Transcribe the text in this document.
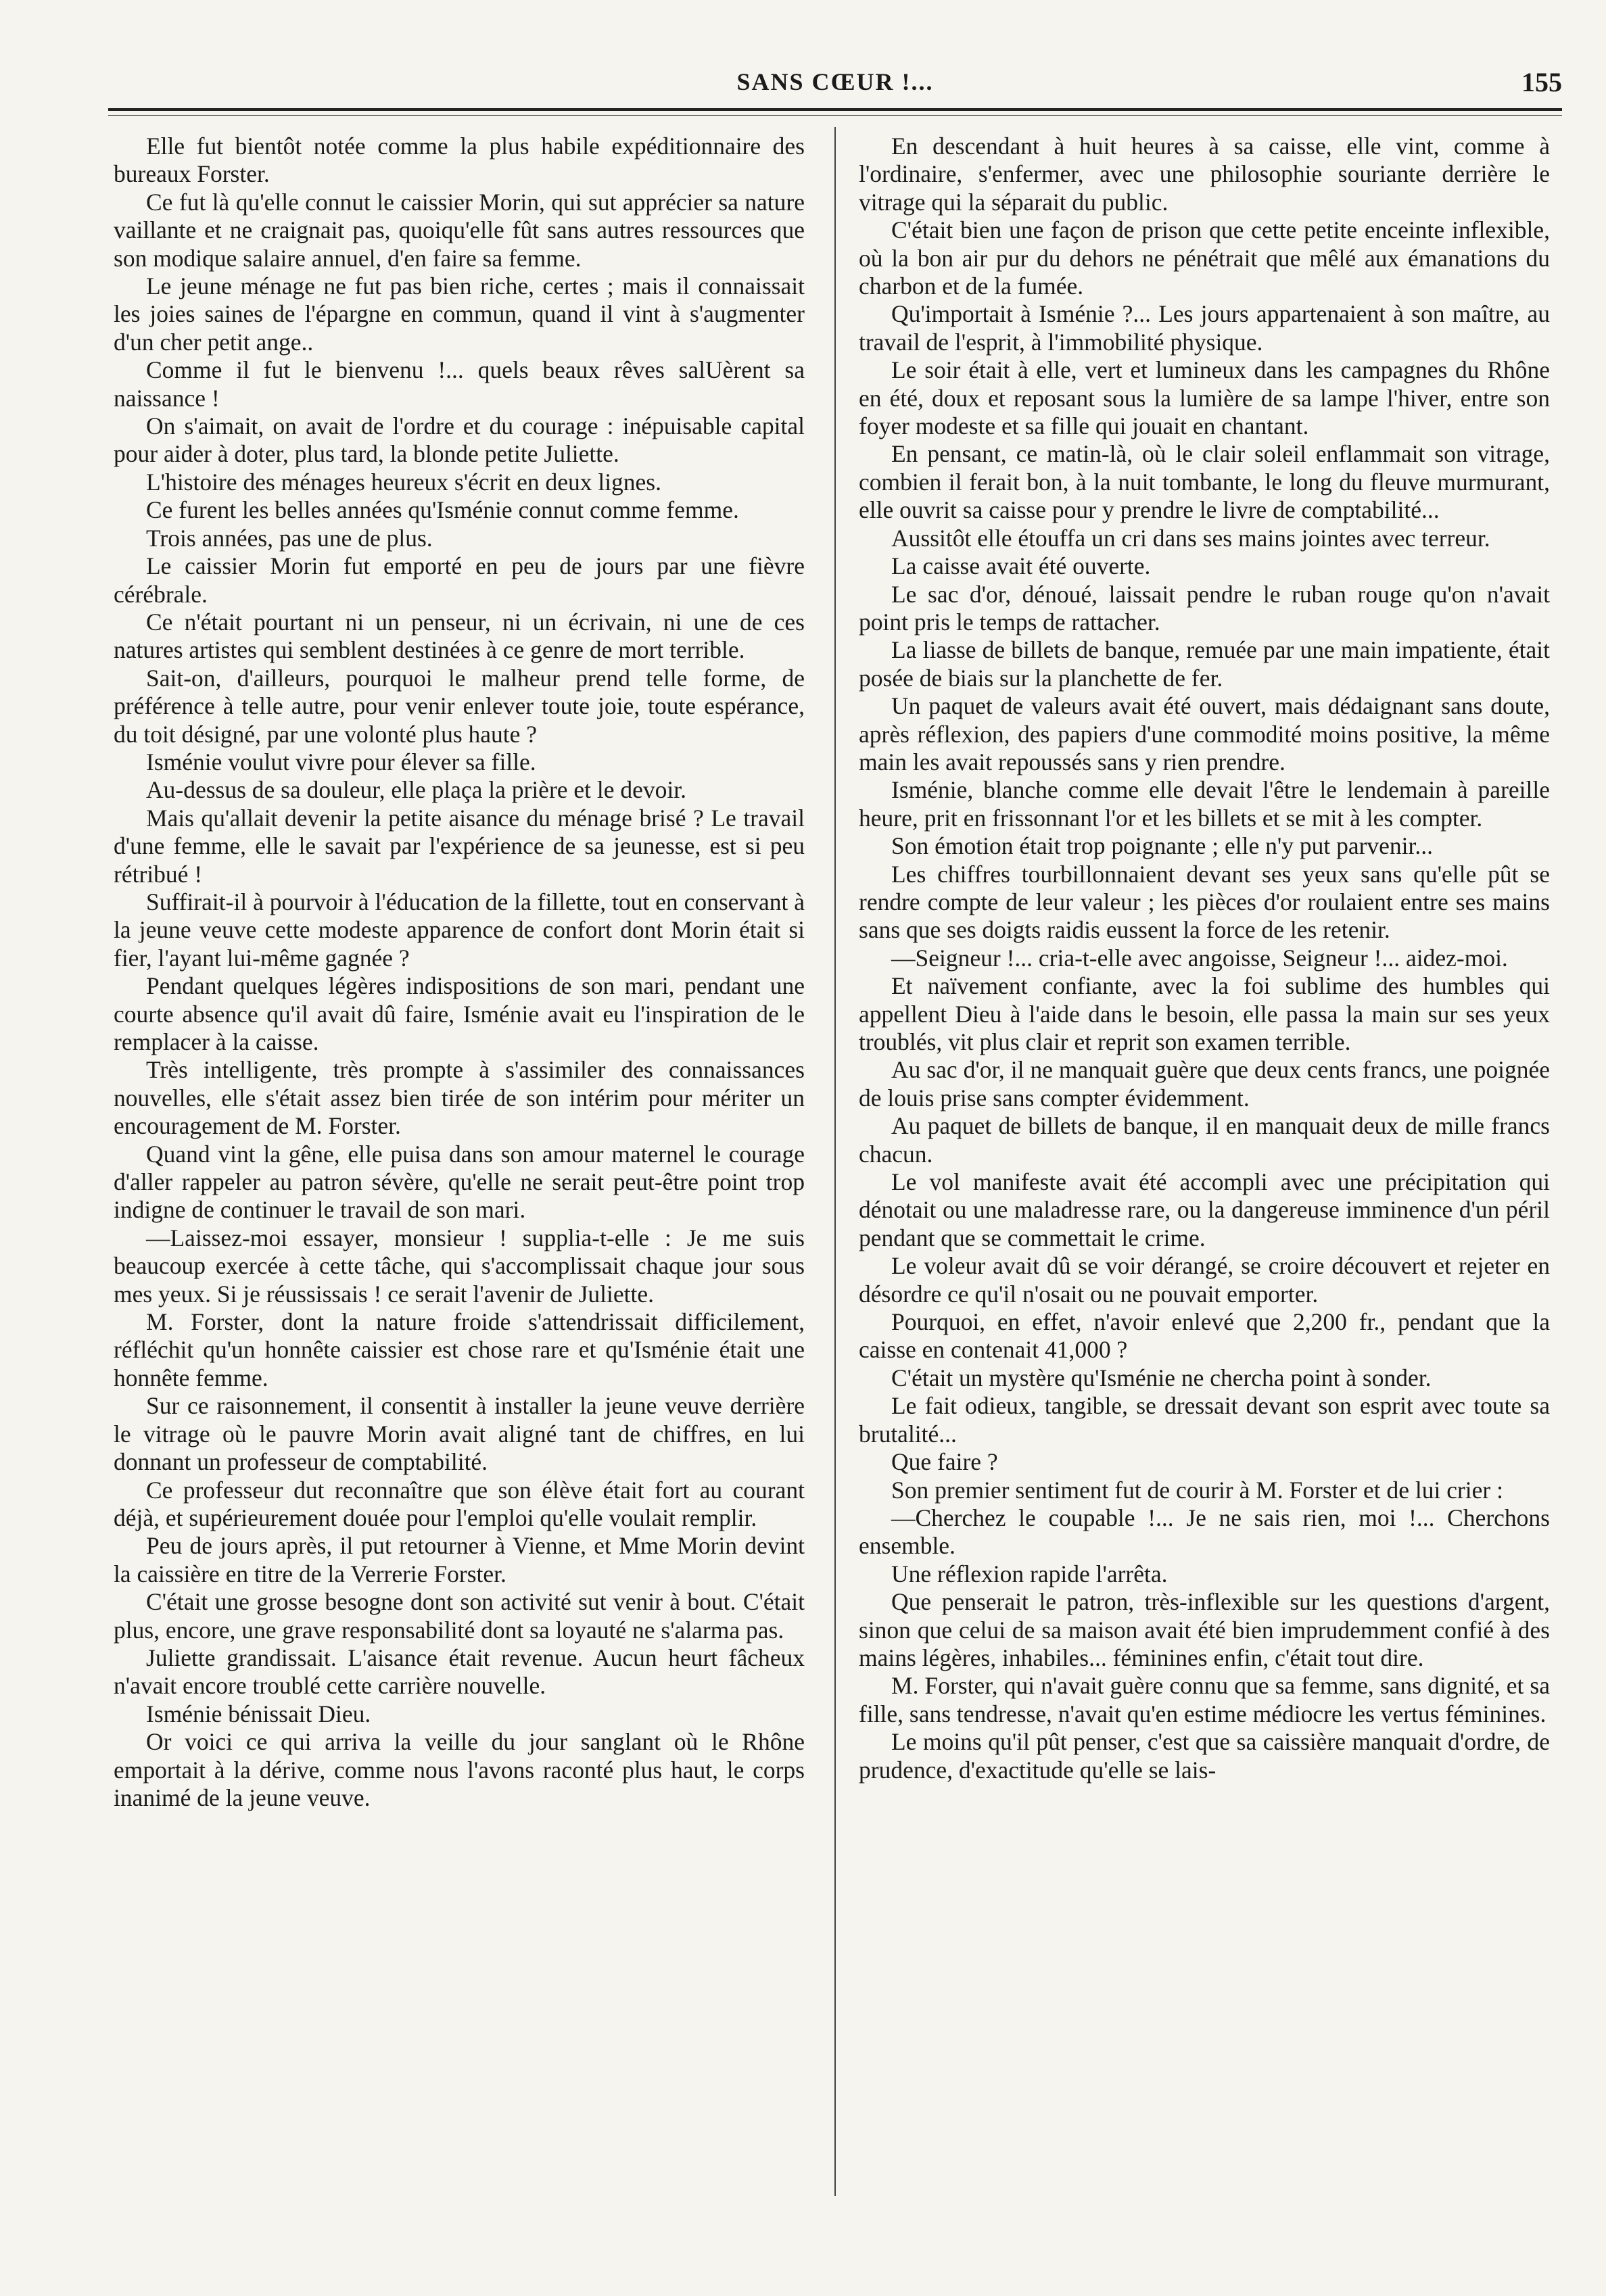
SANS CŒUR !...	155

Elle fut bientôt notée comme la plus habile expéditionnaire des bureaux Forster.

Ce fut là qu'elle connut le caissier Morin, qui sut apprécier sa nature vaillante et ne craignait pas, quoiqu'elle fût sans autres ressources que son modique salaire annuel, d'en faire sa femme.

Le jeune ménage ne fut pas bien riche, certes ; mais il connaissait les joies saines de l'épargne en commun, quand il vint à s'augmenter d'un cher petit ange..

Comme il fut le bienvenu !... quels beaux rêves salUèrent sa naissance !

On s'aimait, on avait de l'ordre et du courage : inépuisable capital pour aider à doter, plus tard, la blonde petite Juliette.

L'histoire des ménages heureux s'écrit en deux lignes.

Ce furent les belles années qu'Isménie connut comme femme.

Trois années, pas une de plus.

Le caissier Morin fut emporté en peu de jours par une fièvre cérébrale.

Ce n'était pourtant ni un penseur, ni un écrivain, ni une de ces natures artistes qui semblent destinées à ce genre de mort terrible.

Sait-on, d'ailleurs, pourquoi le malheur prend telle forme, de préférence à telle autre, pour venir enlever toute joie, toute espérance, du toit désigné, par une volonté plus haute ?

Isménie voulut vivre pour élever sa fille.

Au-dessus de sa douleur, elle plaça la prière et le devoir.

Mais qu'allait devenir la petite aisance du ménage brisé ? Le travail d'une femme, elle le savait par l'expérience de sa jeunesse, est si peu rétribué !

Suffirait-il à pourvoir à l'éducation de la fillette, tout en conservant à la jeune veuve cette modeste apparence de confort dont Morin était si fier, l'ayant lui-même gagnée ?

Pendant quelques légères indispositions de son mari, pendant une courte absence qu'il avait dû faire, Isménie avait eu l'inspiration de le remplacer à la caisse.

Très intelligente, très prompte à s'assimiler des connaissances nouvelles, elle s'était assez bien tirée de son intérim pour mériter un encouragement de M. Forster.

Quand vint la gêne, elle puisa dans son amour maternel le courage d'aller rappeler au patron sévère, qu'elle ne serait peut-être point trop indigne de continuer le travail de son mari.

—Laissez-moi essayer, monsieur ! supplia-t-elle : Je me suis beaucoup exercée à cette tâche, qui s'accomplissait chaque jour sous mes yeux. Si je réussissais ! ce serait l'avenir de Juliette.

M. Forster, dont la nature froide s'attendrissait difficilement, réfléchit qu'un honnête caissier est chose rare et qu'Isménie était une honnête femme.

Sur ce raisonnement, il consentit à installer la jeune veuve derrière le vitrage où le pauvre Morin avait aligné tant de chiffres, en lui donnant un professeur de comptabilité.

Ce professeur dut reconnaître que son élève était fort au courant déjà, et supérieurement douée pour l'emploi qu'elle voulait remplir.

Peu de jours après, il put retourner à Vienne, et Mme Morin devint la caissière en titre de la Verrerie Forster.

C'était une grosse besogne dont son activité sut venir à bout. C'était plus, encore, une grave responsabilité dont sa loyauté ne s'alarma pas.

Juliette grandissait. L'aisance était revenue. Aucun heurt fâcheux n'avait encore troublé cette carrière nouvelle.

Isménie bénissait Dieu.

Or voici ce qui arriva la veille du jour sanglant où le Rhône emportait à la dérive, comme nous l'avons raconté plus haut, le corps inanimé de la jeune veuve.

En descendant à huit heures à sa caisse, elle vint, comme à l'ordinaire, s'enfermer, avec une philosophie souriante derrière le vitrage qui la séparait du public.

C'était bien une façon de prison que cette petite enceinte inflexible, où la bon air pur du dehors ne pénétrait que mêlé aux émanations du charbon et de la fumée.

Qu'importait à Isménie ?... Les jours appartenaient à son maître, au travail de l'esprit, à l'immobilité physique.

Le soir était à elle, vert et lumineux dans les campagnes du Rhône en été, doux et reposant sous la lumière de sa lampe l'hiver, entre son foyer modeste et sa fille qui jouait en chantant.

En pensant, ce matin-là, où le clair soleil enflammait son vitrage, combien il ferait bon, à la nuit tombante, le long du fleuve murmurant, elle ouvrit sa caisse pour y prendre le livre de comptabilité...

Aussitôt elle étouffa un cri dans ses mains jointes avec terreur.

La caisse avait été ouverte.

Le sac d'or, dénoué, laissait pendre le ruban rouge qu'on n'avait point pris le temps de rattacher.

La liasse de billets de banque, remuée par une main impatiente, était posée de biais sur la planchette de fer.

Un paquet de valeurs avait été ouvert, mais dédaignant sans doute, après réflexion, des papiers d'une commodité moins positive, la même main les avait repoussés sans y rien prendre.

Isménie, blanche comme elle devait l'être le lendemain à pareille heure, prit en frissonnant l'or et les billets et se mit à les compter.

Son émotion était trop poignante ; elle n'y put parvenir...

Les chiffres tourbillonnaient devant ses yeux sans qu'elle pût se rendre compte de leur valeur ; les pièces d'or roulaient entre ses mains sans que ses doigts raidis eussent la force de les retenir.

—Seigneur !... cria-t-elle avec angoisse, Seigneur !... aidez-moi.

Et naïvement confiante, avec la foi sublime des humbles qui appellent Dieu à l'aide dans le besoin, elle passa la main sur ses yeux troublés, vit plus clair et reprit son examen terrible.

Au sac d'or, il ne manquait guère que deux cents francs, une poignée de louis prise sans compter évidemment.

Au paquet de billets de banque, il en manquait deux de mille francs chacun.

Le vol manifeste avait été accompli avec une précipitation qui dénotait ou une maladresse rare, ou la dangereuse imminence d'un péril pendant que se commettait le crime.

Le voleur avait dû se voir dérangé, se croire découvert et rejeter en désordre ce qu'il n'osait ou ne pouvait emporter.

Pourquoi, en effet, n'avoir enlevé que 2,200 fr., pendant que la caisse en contenait 41,000 ?

C'était un mystère qu'Isménie ne chercha point à sonder.

Le fait odieux, tangible, se dressait devant son esprit avec toute sa brutalité...

Que faire ?

Son premier sentiment fut de courir à M. Forster et de lui crier :

—Cherchez le coupable !... Je ne sais rien, moi !... Cherchons ensemble.

Une réflexion rapide l'arrêta.

Que penserait le patron, très-inflexible sur les questions d'argent, sinon que celui de sa maison avait été bien imprudemment confié à des mains légères, inhabiles... féminines enfin, c'était tout dire.

M. Forster, qui n'avait guère connu que sa femme, sans dignité, et sa fille, sans tendresse, n'avait qu'en estime médiocre les vertus féminines.

Le moins qu'il pût penser, c'est que sa caissière manquait d'ordre, de prudence, d'exactitude qu'elle se lais-
